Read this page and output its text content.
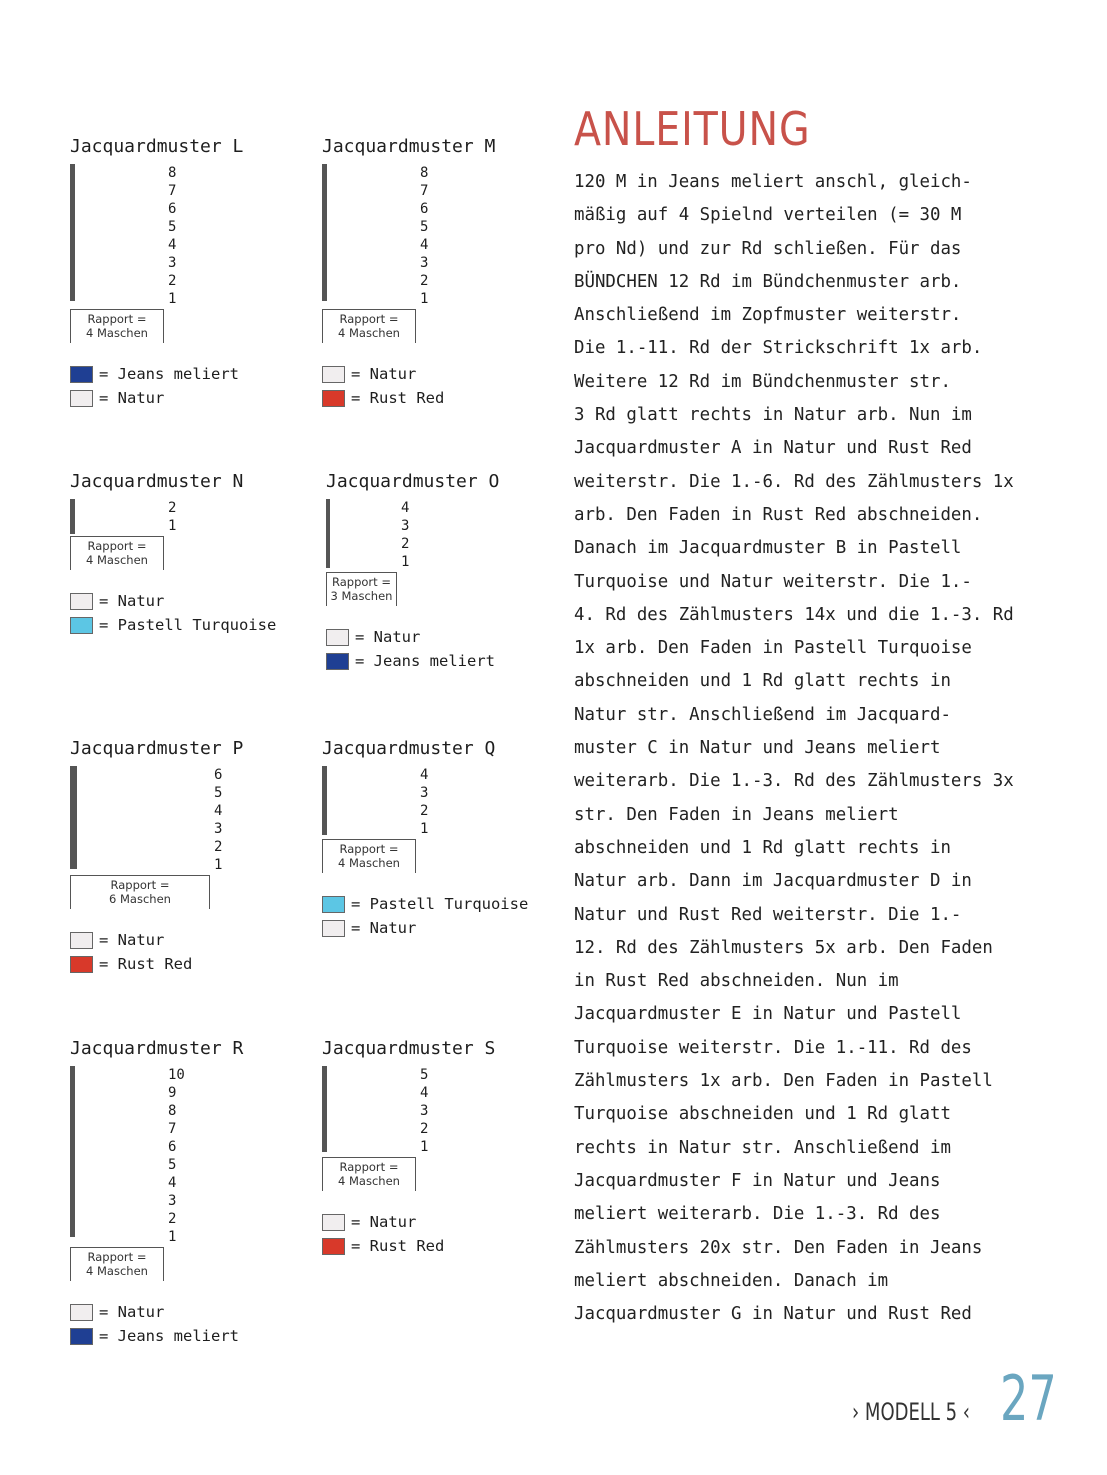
Jacquardmuster L

8
7
6
5
4
3
2
1
Rapport =
4 Maschen
= Jeans meliert
= Natur
Jacquardmuster M

8
7
6
5
4
3
2
1
Rapport =
4 Maschen
= Natur
= Rust Red
Jacquardmuster N

2
1
Rapport =
4 Maschen
= Natur
= Pastell Turquoise
Jacquardmuster O

4
3
2
1
Rapport =
3 Maschen
= Natur
= Jeans meliert
Jacquardmuster P

6
5
4
3
2
1
Rapport =
6 Maschen
= Natur
= Rust Red
Jacquardmuster Q

4
3
2
1
Rapport =
4 Maschen
= Pastell Turquoise
= Natur
Jacquardmuster R

10
9
8
7
6
5
4
3
2
1
Rapport =
4 Maschen
= Natur
= Jeans meliert
Jacquardmuster S

5
4
3
2
1
Rapport =
4 Maschen
= Natur
= Rust Red
ANLEITUNG
120 M in Jeans meliert anschl, gleich-
mäßig auf 4 Spielnd verteilen (= 30 M
pro Nd) und zur Rd schließen. Für das
BÜNDCHEN 12 Rd im Bündchenmuster arb.
Anschließend im Zopfmuster weiterstr.
Die 1.-11. Rd der Strickschrift 1x arb.
Weitere 12 Rd im Bündchenmuster str.
3 Rd glatt rechts in Natur arb. Nun im
Jacquardmuster A in Natur und Rust Red
weiterstr. Die 1.-6. Rd des Zählmusters 1x
arb. Den Faden in Rust Red abschneiden.
Danach im Jacquardmuster B in Pastell
Turquoise und Natur weiterstr. Die 1.-
4. Rd des Zählmusters 14x und die 1.-3. Rd
1x arb. Den Faden in Pastell Turquoise
abschneiden und 1 Rd glatt rechts in
Natur str. Anschließend im Jacquard-
muster C in Natur und Jeans meliert
weiterarb. Die 1.-3. Rd des Zählmusters 3x
str. Den Faden in Jeans meliert
abschneiden und 1 Rd glatt rechts in
Natur arb. Dann im Jacquardmuster D in
Natur und Rust Red weiterstr. Die 1.-
12. Rd des Zählmusters 5x arb. Den Faden
in Rust Red abschneiden. Nun im
Jacquardmuster E in Natur und Pastell
Turquoise weiterstr. Die 1.-11. Rd des
Zählmusters 1x arb. Den Faden in Pastell
Turquoise abschneiden und 1 Rd glatt
rechts in Natur str. Anschließend im
Jacquardmuster F in Natur und Jeans
meliert weiterarb. Die 1.-3. Rd des
Zählmusters 20x str. Den Faden in Jeans
meliert abschneiden. Danach im
Jacquardmuster G in Natur und Rust Red
› MODELL 5 ‹ 27
